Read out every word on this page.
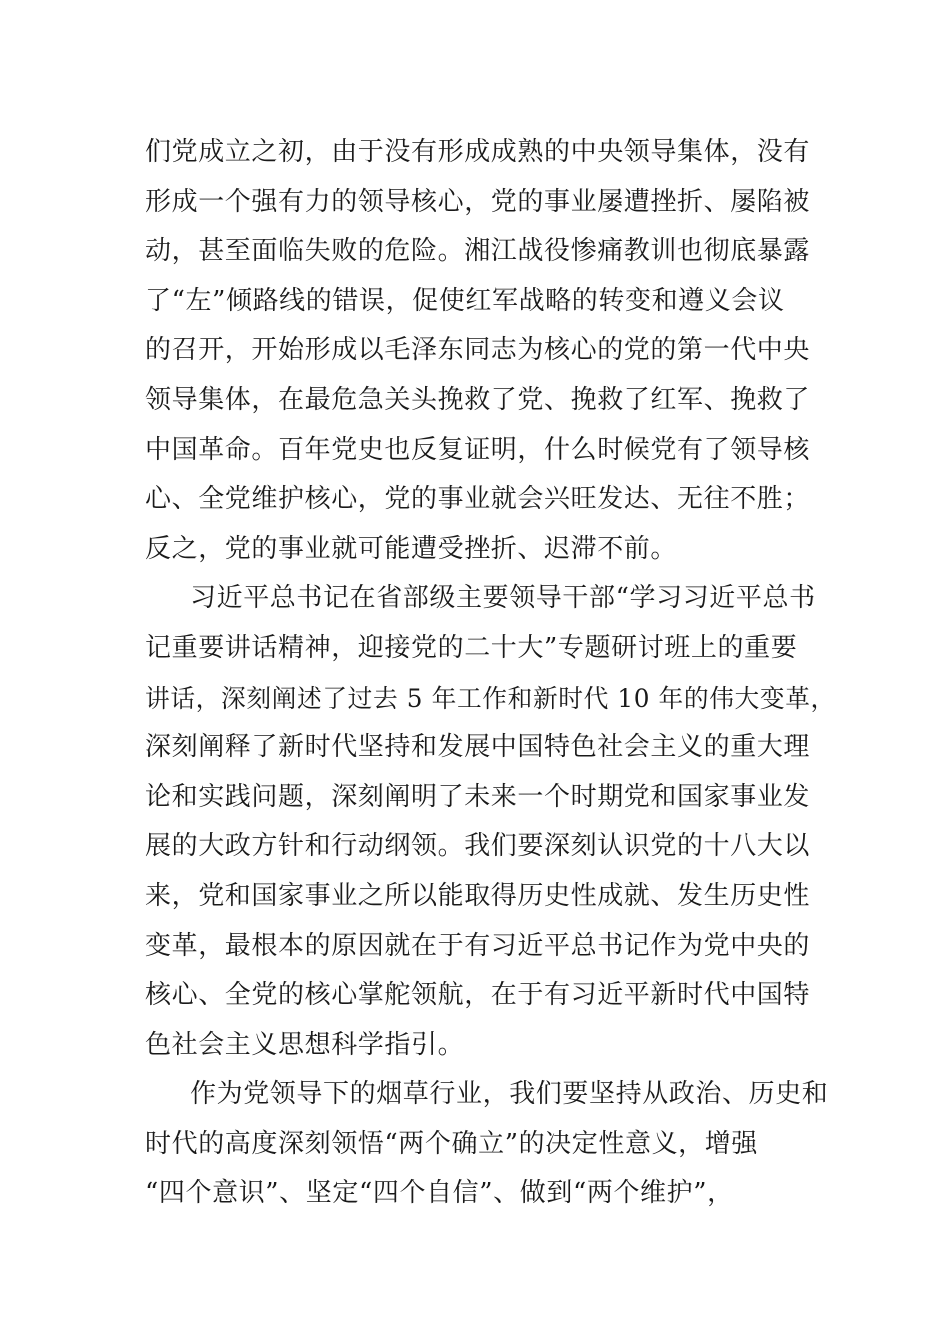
们党成立之初，由于没有形成成熟的中央领导集体，没有
形成一个强有力的领导核心，党的事业屡遭挫折、屡陷被
动，甚至面临失败的危险。湘江战役惨痛教训也彻底暴露
了“左”倾路线的错误，促使红军战略的转变和遵义会议
的召开，开始形成以毛泽东同志为核心的党的第一代中央
领导集体，在最危急关头挽救了党、挽救了红军、挽救了
中国革命。百年党史也反复证明，什么时候党有了领导核
心、全党维护核心，党的事业就会兴旺发达、无往不胜；
反之，党的事业就可能遭受挫折、迟滞不前。
习近平总书记在省部级主要领导干部“学习习近平总书
记重要讲话精神，迎接党的二十大”专题研讨班上的重要
讲话，深刻阐述了过去 5 年工作和新时代 10 年的伟大变革，
深刻阐释了新时代坚持和发展中国特色社会主义的重大理
论和实践问题，深刻阐明了未来一个时期党和国家事业发
展的大政方针和行动纲领。我们要深刻认识党的十八大以
来，党和国家事业之所以能取得历史性成就、发生历史性
变革，最根本的原因就在于有习近平总书记作为党中央的
核心、全党的核心掌舵领航，在于有习近平新时代中国特
色社会主义思想科学指引。
作为党领导下的烟草行业，我们要坚持从政治、历史和
时代的高度深刻领悟“两个确立”的决定性意义，增强
“四个意识”、坚定“四个自信”、做到“两个维护”，
